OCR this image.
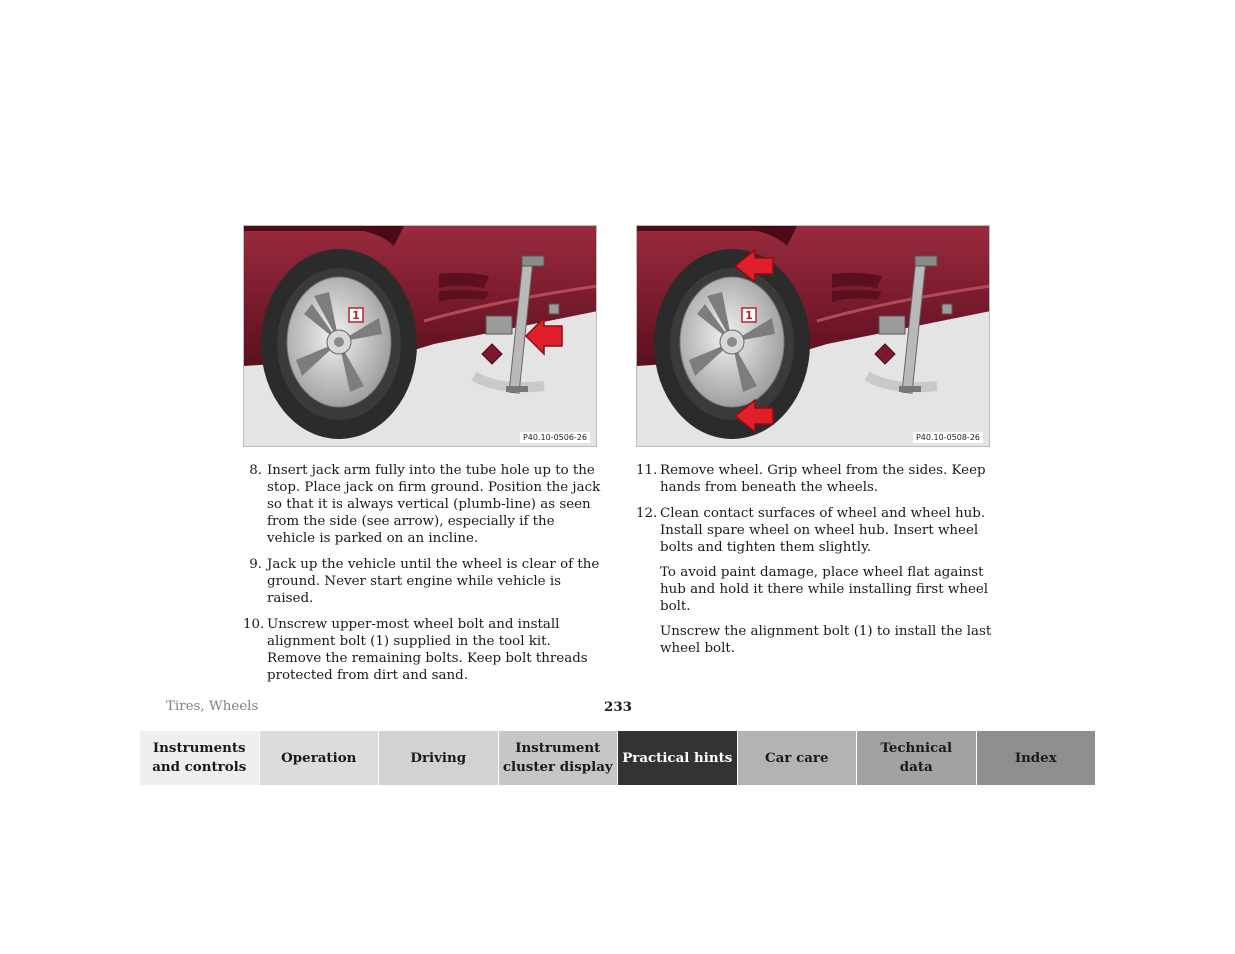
1
P40.10-0506-26
1
P40.10-0508-26
8. Insert jack arm fully into the tube hole up to the stop. Place jack on firm ground. Position the jack so that it is always vertical (plumb-line) as seen from the side (see arrow), especially if the vehicle is parked on an incline.
9. Jack up the vehicle until the wheel is clear of the ground. Never start engine while vehicle is raised.
10. Unscrew upper-most wheel bolt and install alignment bolt (1) supplied in the tool kit. Remove the remaining bolts. Keep bolt threads protected from dirt and sand.
11. Remove wheel. Grip wheel from the sides. Keep hands from beneath the wheels.
12. Clean contact surfaces of wheel and wheel hub. Install spare wheel on wheel hub. Insert wheel bolts and tighten them slightly.
To avoid paint damage, place wheel flat against hub and hold it there while installing first wheel bolt.
Unscrew the alignment bolt (1) to install the last wheel bolt.
Tires, Wheels	233
Instruments
and controls
Operation	Driving
Instrument
cluster display
Practical hints Car care
Technical
data
Index
